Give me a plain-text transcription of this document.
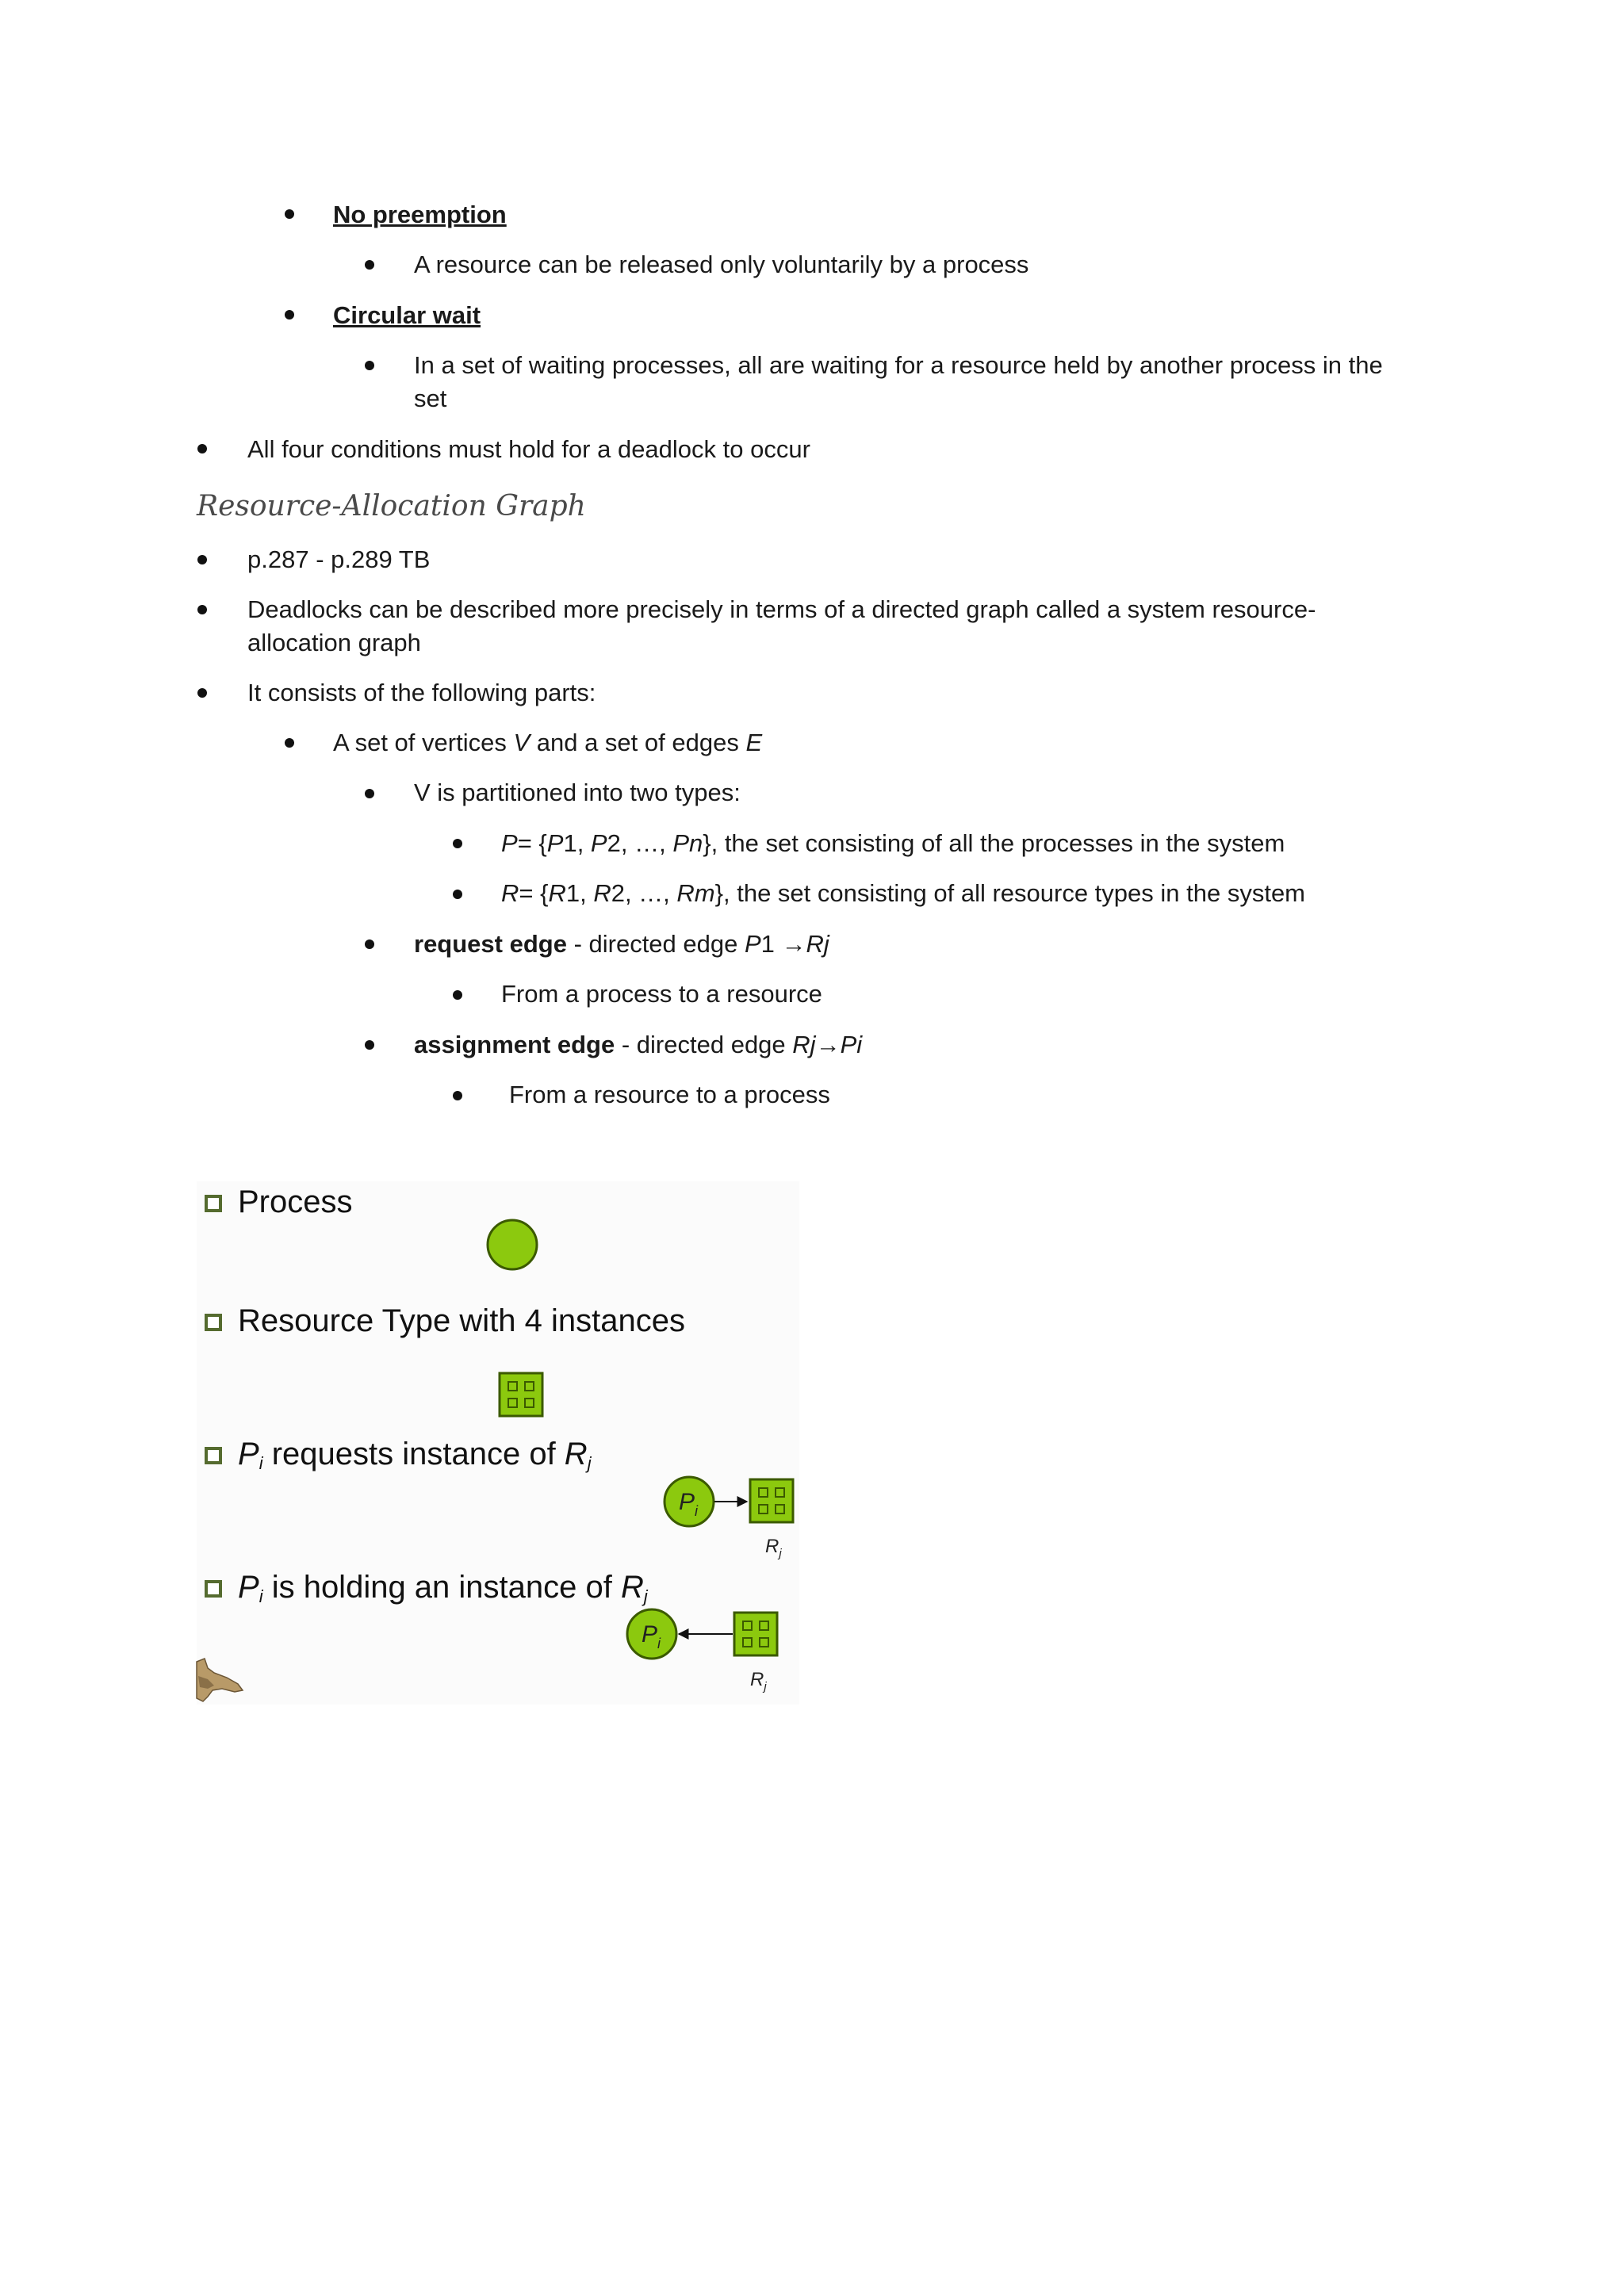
No preemption
A resource can be released only voluntarily by a process
Circular wait
In a set of waiting processes, all are waiting for a resource held by another process in the set
All four conditions must hold for a deadlock to occur
Resource-Allocation Graph
p.287 - p.289 TB
Deadlocks can be described more precisely in terms of a directed graph called a system resource-allocation graph
It consists of the following parts:
A set of vertices V and a set of edges E
V is partitioned into two types:
P= {P1, P2, …, Pn}, the set consisting of all the processes in the system
R= {R1, R2, …, Rm}, the set consisting of all resource types in the system
request edge - directed edge P1 →Rj
From a process to a resource
assignment edge - directed edge Rj→Pi
From a resource to a process
Process
Resource Type with 4 instances
$P_i$ requests instance of $R_j$
$P_i$ is holding an instance of $R_j$
$P_i$
$R_j$
$P_i$
$R_j$
